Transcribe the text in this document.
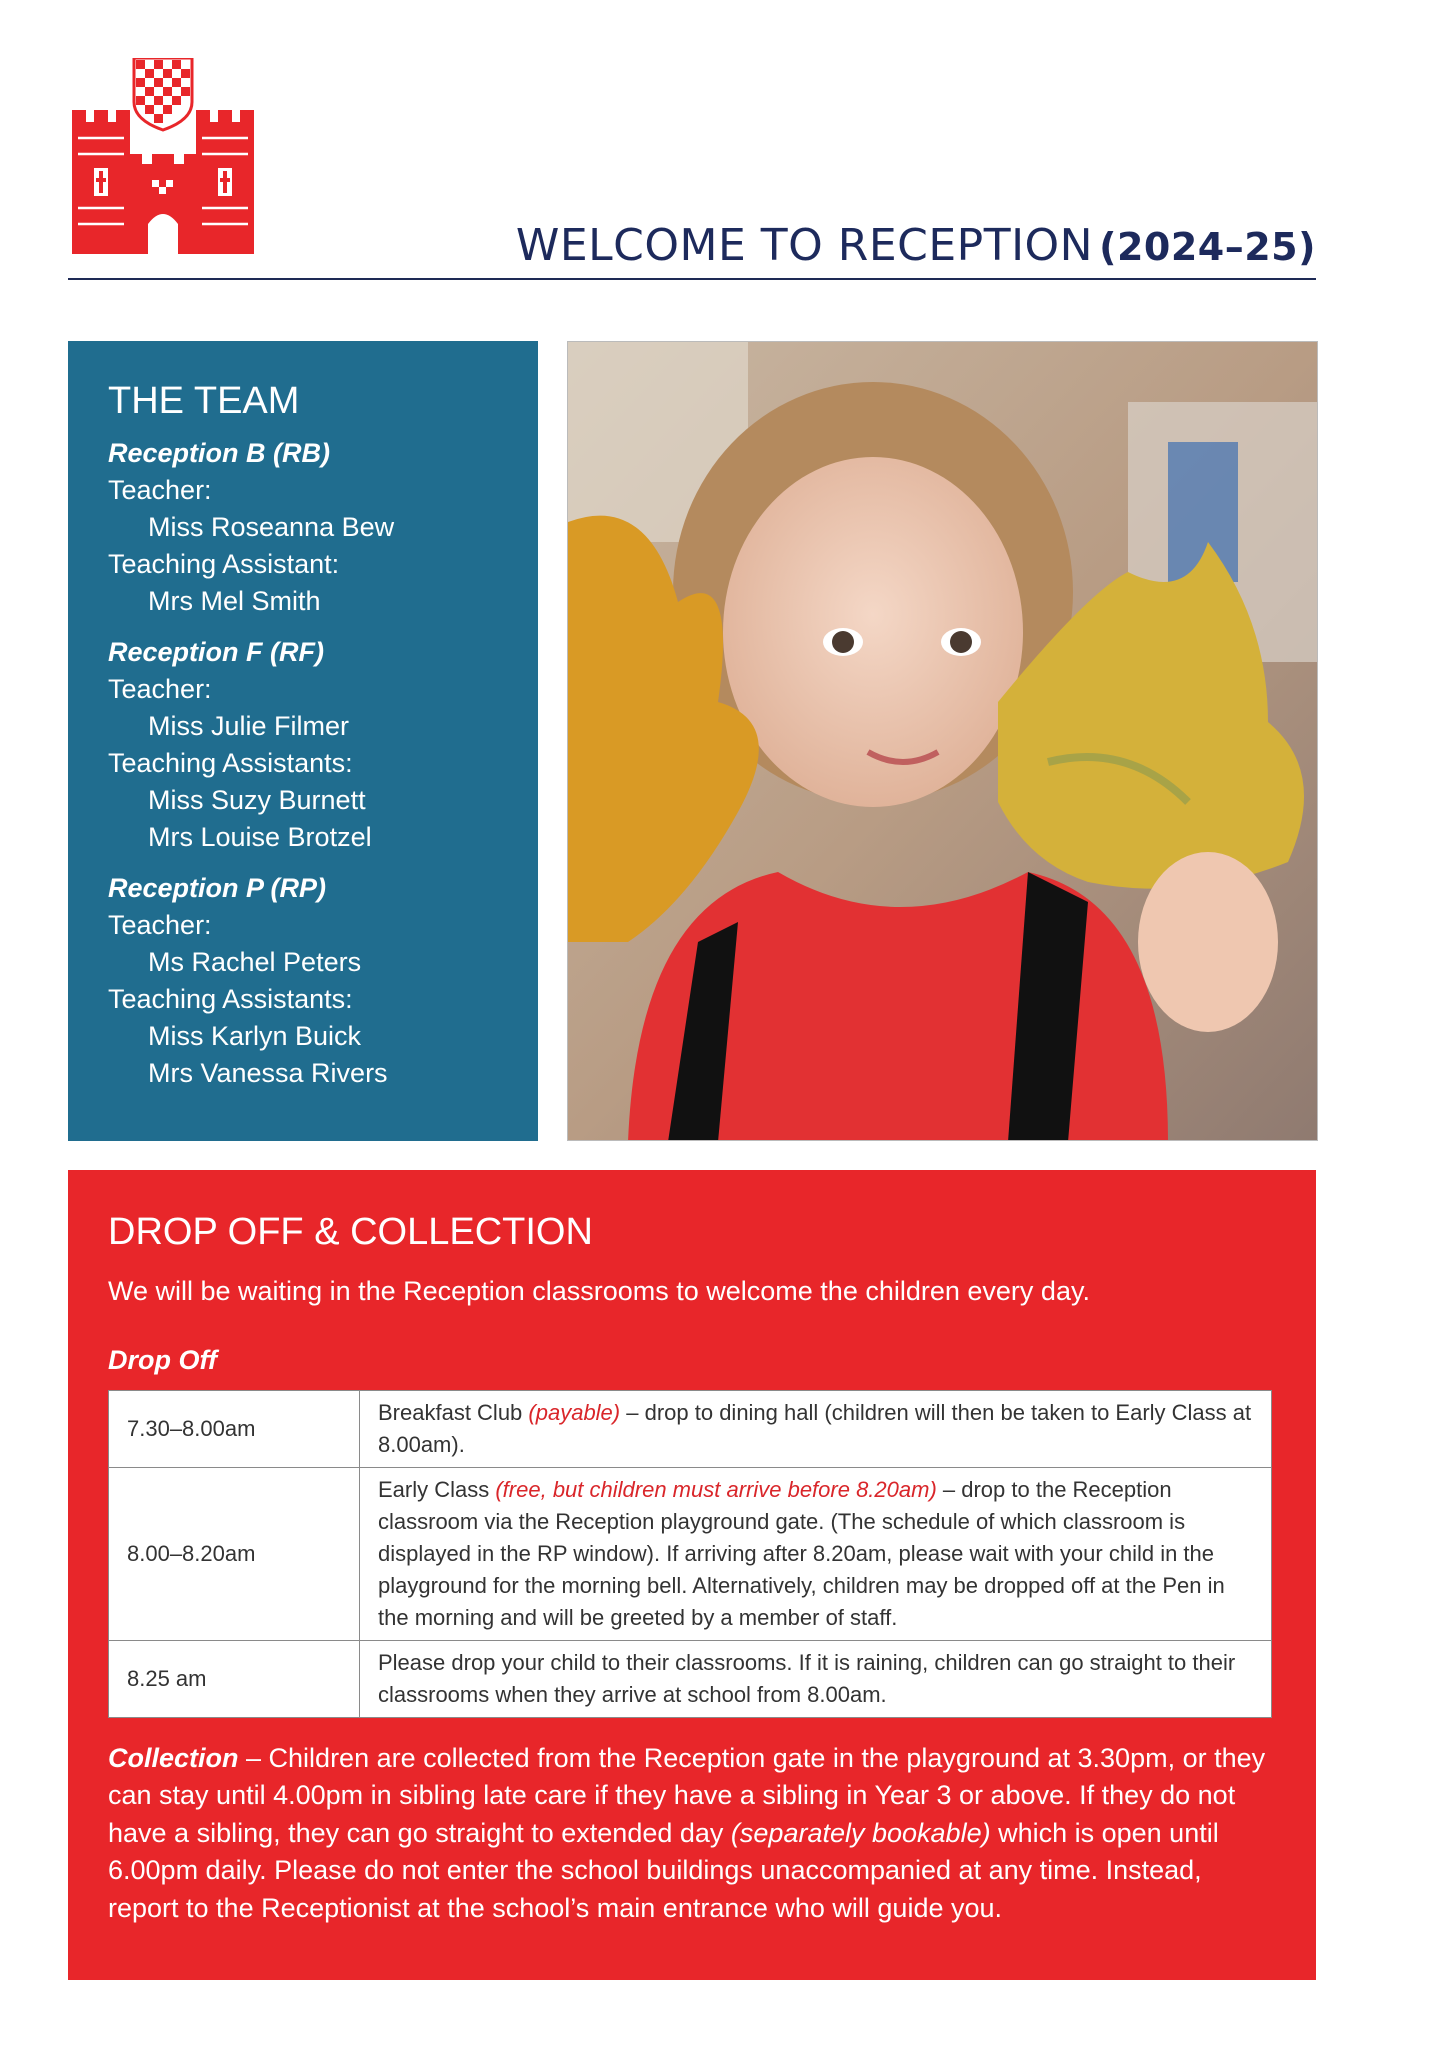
WELCOME TO RECEPTION (2024–25)
THE TEAM
Reception B (RB)
Teacher:
Miss Roseanna Bew
Teaching Assistant:
Mrs Mel Smith
Reception F (RF)
Teacher:
Miss Julie Filmer
Teaching Assistants:
Miss Suzy Burnett
Mrs Louise Brotzel
Reception P (RP)
Teacher:
Ms Rachel Peters
Teaching Assistants:
Miss Karlyn Buick
Mrs Vanessa Rivers
DROP OFF & COLLECTION

We will be waiting in the Reception classrooms to welcome the children every day.

Drop Off
7.30–8.00am	Breakfast Club (payable) – drop to dining hall (children will then be taken to Early Class at 8.00am).
8.00–8.20am	Early Class (free, but children must arrive before 8.20am) – drop to the Reception classroom via the Reception playground gate. (The schedule of which classroom is displayed in the RP window). If arriving after 8.20am, please wait with your child in the playground for the morning bell. Alternatively, children may be dropped off at the Pen in the morning and will be greeted by a member of staff.
8.25 am	Please drop your child to their classrooms. If it is raining, children can go straight to their classrooms when they arrive at school from 8.00am.

Collection – Children are collected from the Reception gate in the playground at 3.30pm, or they can stay until 4.00pm in sibling late care if they have a sibling in Year 3 or above. If they do not have a sibling, they can go straight to extended day (separately bookable) which is open until 6.00pm daily. Please do not enter the school buildings unaccompanied at any time. Instead, report to the Receptionist at the school’s main entrance who will guide you.
